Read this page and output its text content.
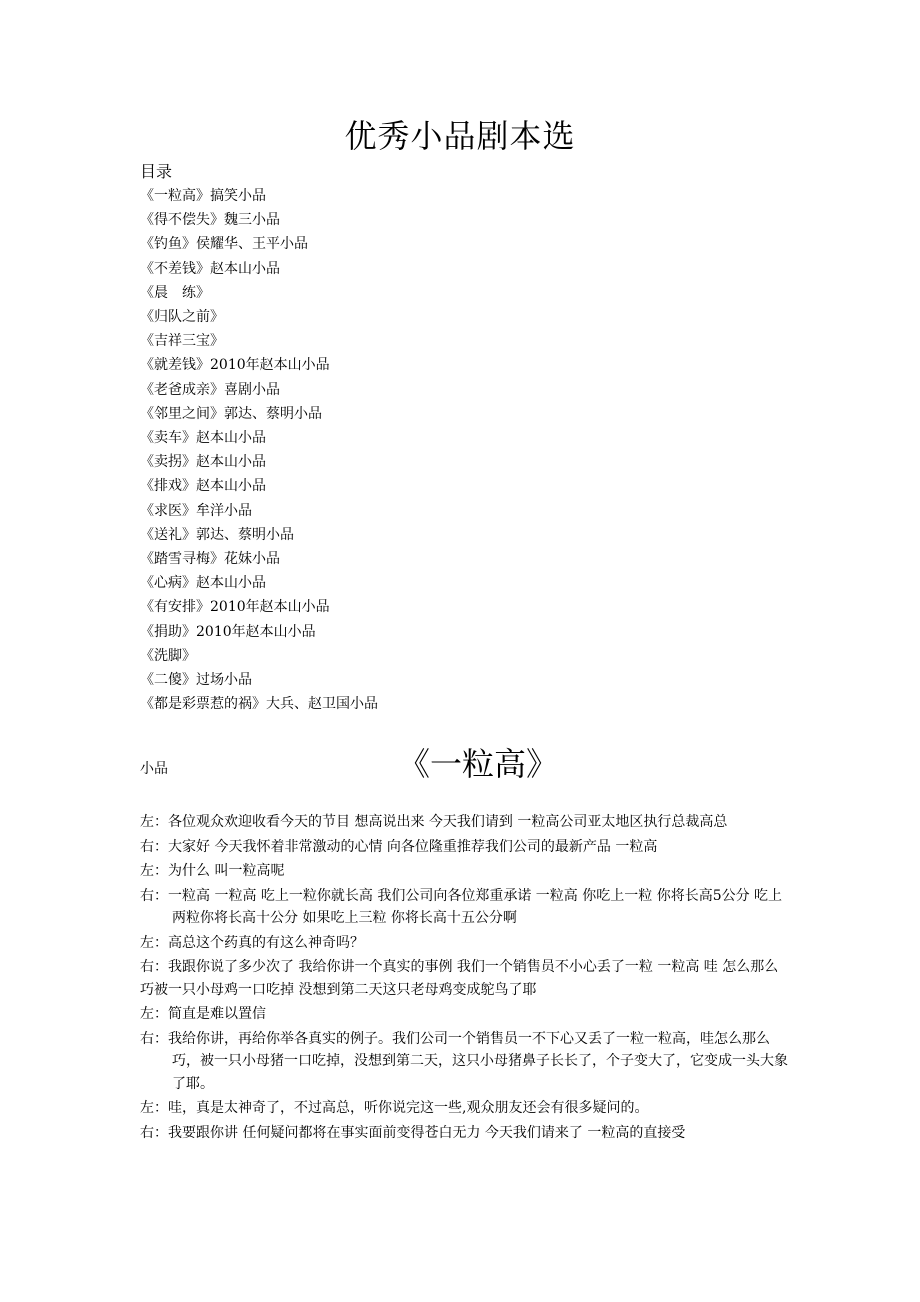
优秀小品剧本选
目录
《一粒高》搞笑小品
《得不偿失》魏三小品
《钓鱼》侯耀华、王平小品
《不差钱》赵本山小品
《晨　练》
《归队之前》
《吉祥三宝》
《就差钱》2010年赵本山小品
《老爸成亲》喜剧小品
《邻里之间》郭达、蔡明小品
《卖车》赵本山小品
《卖拐》赵本山小品
《排戏》赵本山小品
《求医》牟洋小品
《送礼》郭达、蔡明小品
《踏雪寻梅》花妹小品
《心病》赵本山小品
《有安排》2010年赵本山小品
《捐助》2010年赵本山小品
《洗脚》
《二傻》过场小品
《都是彩票惹的祸》大兵、赵卫国小品
小品	《一粒高》

左：各位观众欢迎收看今天的节目 想高说出来 今天我们请到 一粒高公司亚太地区执行总裁高总

右：大家好 今天我怀着非常激动的心情 向各位隆重推荐我们公司的最新产品 一粒高

左：为什么 叫一粒高呢

右：一粒高 一粒高 吃上一粒你就长高 我们公司向各位郑重承诺 一粒高 你吃上一粒 你将长高5公分 吃上两粒你将长高十公分 如果吃上三粒 你将长高十五公分啊

左：高总这个药真的有这么神奇吗？

右：我跟你说了多少次了 我给你讲一个真实的事例 我们一个销售员不小心丢了一粒 一粒高 哇 怎么那么巧被一只小母鸡一口吃掉 没想到第二天这只老母鸡变成鸵鸟了耶

左：简直是难以置信

右：我给你讲，再给你举各真实的例子。我们公司一个销售员一不下心又丢了一粒一粒高，哇怎么那么巧，被一只小母猪一口吃掉，没想到第二天，这只小母猪鼻子长长了，个子变大了，它变成一头大象了耶。

左：哇，真是太神奇了，不过高总，听你说完这一些,观众朋友还会有很多疑问的。

右：我要跟你讲 任何疑问都将在事实面前变得苍白无力 今天我们请来了 一粒高的直接受
